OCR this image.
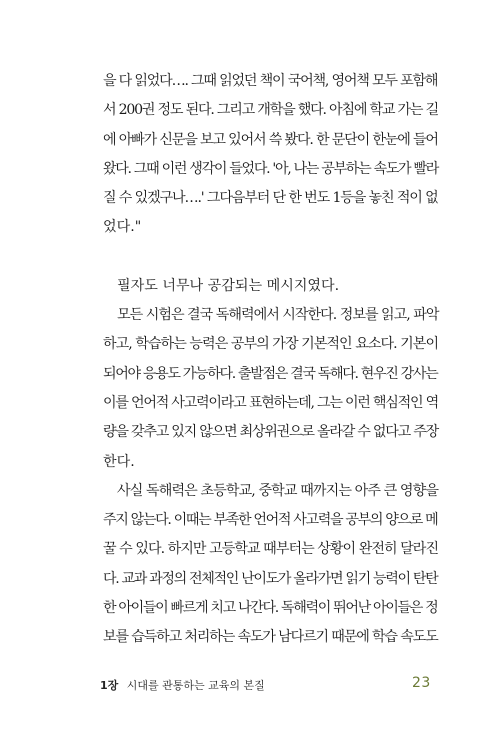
을 다 읽었다…. 그때 읽었던 책이 국어책, 영어책 모두 포함해
서 200권 정도 된다. 그리고 개학을 했다. 아침에 학교 가는 길
에 아빠가 신문을 보고 있어서 쓱 봤다. 한 문단이 한눈에 들어
왔다. 그때 이런 생각이 들었다. '아, 나는 공부하는 속도가 빨라
질 수 있겠구나….' 그다음부터 단 한 번도 1등을 놓친 적이 없
었다."
필자도 너무나 공감되는 메시지였다.
모든 시험은 결국 독해력에서 시작한다. 정보를 읽고, 파악
하고, 학습하는 능력은 공부의 가장 기본적인 요소다. 기본이
되어야 응용도 가능하다. 출발점은 결국 독해다. 현우진 강사는
이를 언어적 사고력이라고 표현하는데, 그는 이런 핵심적인 역
량을 갖추고 있지 않으면 최상위권으로 올라갈 수 없다고 주장
한다.
사실 독해력은 초등학교, 중학교 때까지는 아주 큰 영향을
주지 않는다. 이때는 부족한 언어적 사고력을 공부의 양으로 메
꿀 수 있다. 하지만 고등학교 때부터는 상황이 완전히 달라진
다. 교과 과정의 전체적인 난이도가 올라가면 읽기 능력이 탄탄
한 아이들이 빠르게 치고 나간다. 독해력이 뛰어난 아이들은 정
보를 습득하고 처리하는 속도가 남다르기 때문에 학습 속도도
1장 시대를 관통하는 교육의 본질	23
